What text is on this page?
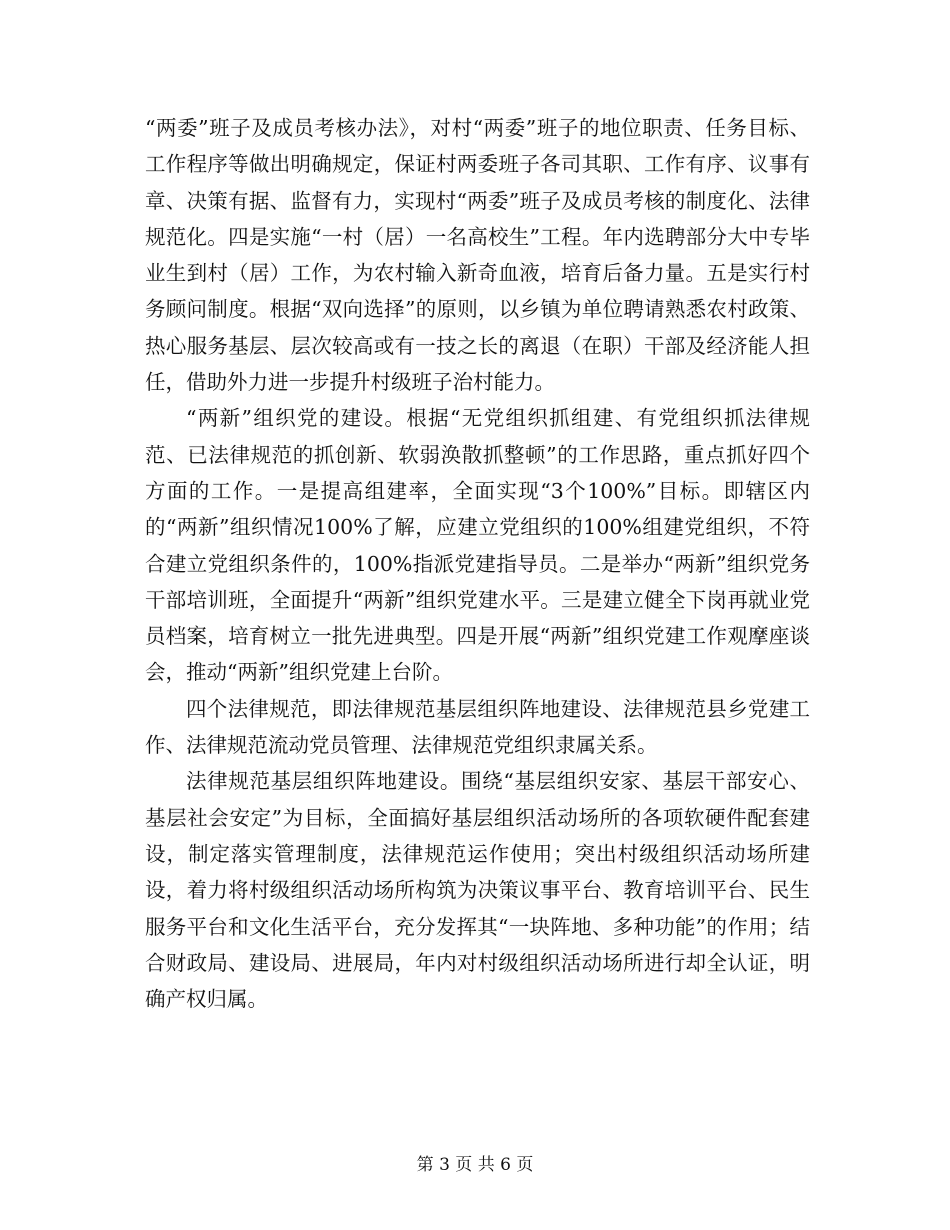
“两委”班子及成员考核办法》，对村“两委”班子的地位职责、任务目标、工作程序等做出明确规定，保证村两委班子各司其职、工作有序、议事有章、决策有据、监督有力，实现村“两委”班子及成员考核的制度化、法律规范化。四是实施“一村（居）一名高校生”工程。年内选聘部分大中专毕业生到村（居）工作，为农村输入新奇血液，培育后备力量。五是实行村务顾问制度。根据“双向选择”的原则，以乡镇为单位聘请熟悉农村政策、热心服务基层、层次较高或有一技之长的离退（在职）干部及经济能人担任，借助外力进一步提升村级班子治村能力。

“两新”组织党的建设。根据“无党组织抓组建、有党组织抓法律规范、已法律规范的抓创新、软弱涣散抓整顿”的工作思路，重点抓好四个方面的工作。一是提高组建率，全面实现“3个100%”目标。即辖区内的“两新”组织情况100%了解，应建立党组织的100%组建党组织，不符合建立党组织条件的，100%指派党建指导员。二是举办“两新”组织党务干部培训班，全面提升“两新”组织党建水平。三是建立健全下岗再就业党员档案，培育树立一批先进典型。四是开展“两新”组织党建工作观摩座谈会，推动“两新”组织党建上台阶。

四个法律规范，即法律规范基层组织阵地建设、法律规范县乡党建工作、法律规范流动党员管理、法律规范党组织隶属关系。

法律规范基层组织阵地建设。围绕“基层组织安家、基层干部安心、基层社会安定”为目标，全面搞好基层组织活动场所的各项软硬件配套建设，制定落实管理制度，法律规范运作使用；突出村级组织活动场所建设，着力将村级组织活动场所构筑为决策议事平台、教育培训平台、民生服务平台和文化生活平台，充分发挥其“一块阵地、多种功能”的作用；结合财政局、建设局、进展局，年内对村级组织活动场所进行却全认证，明确产权归属。

第 3 页 共 6 页
